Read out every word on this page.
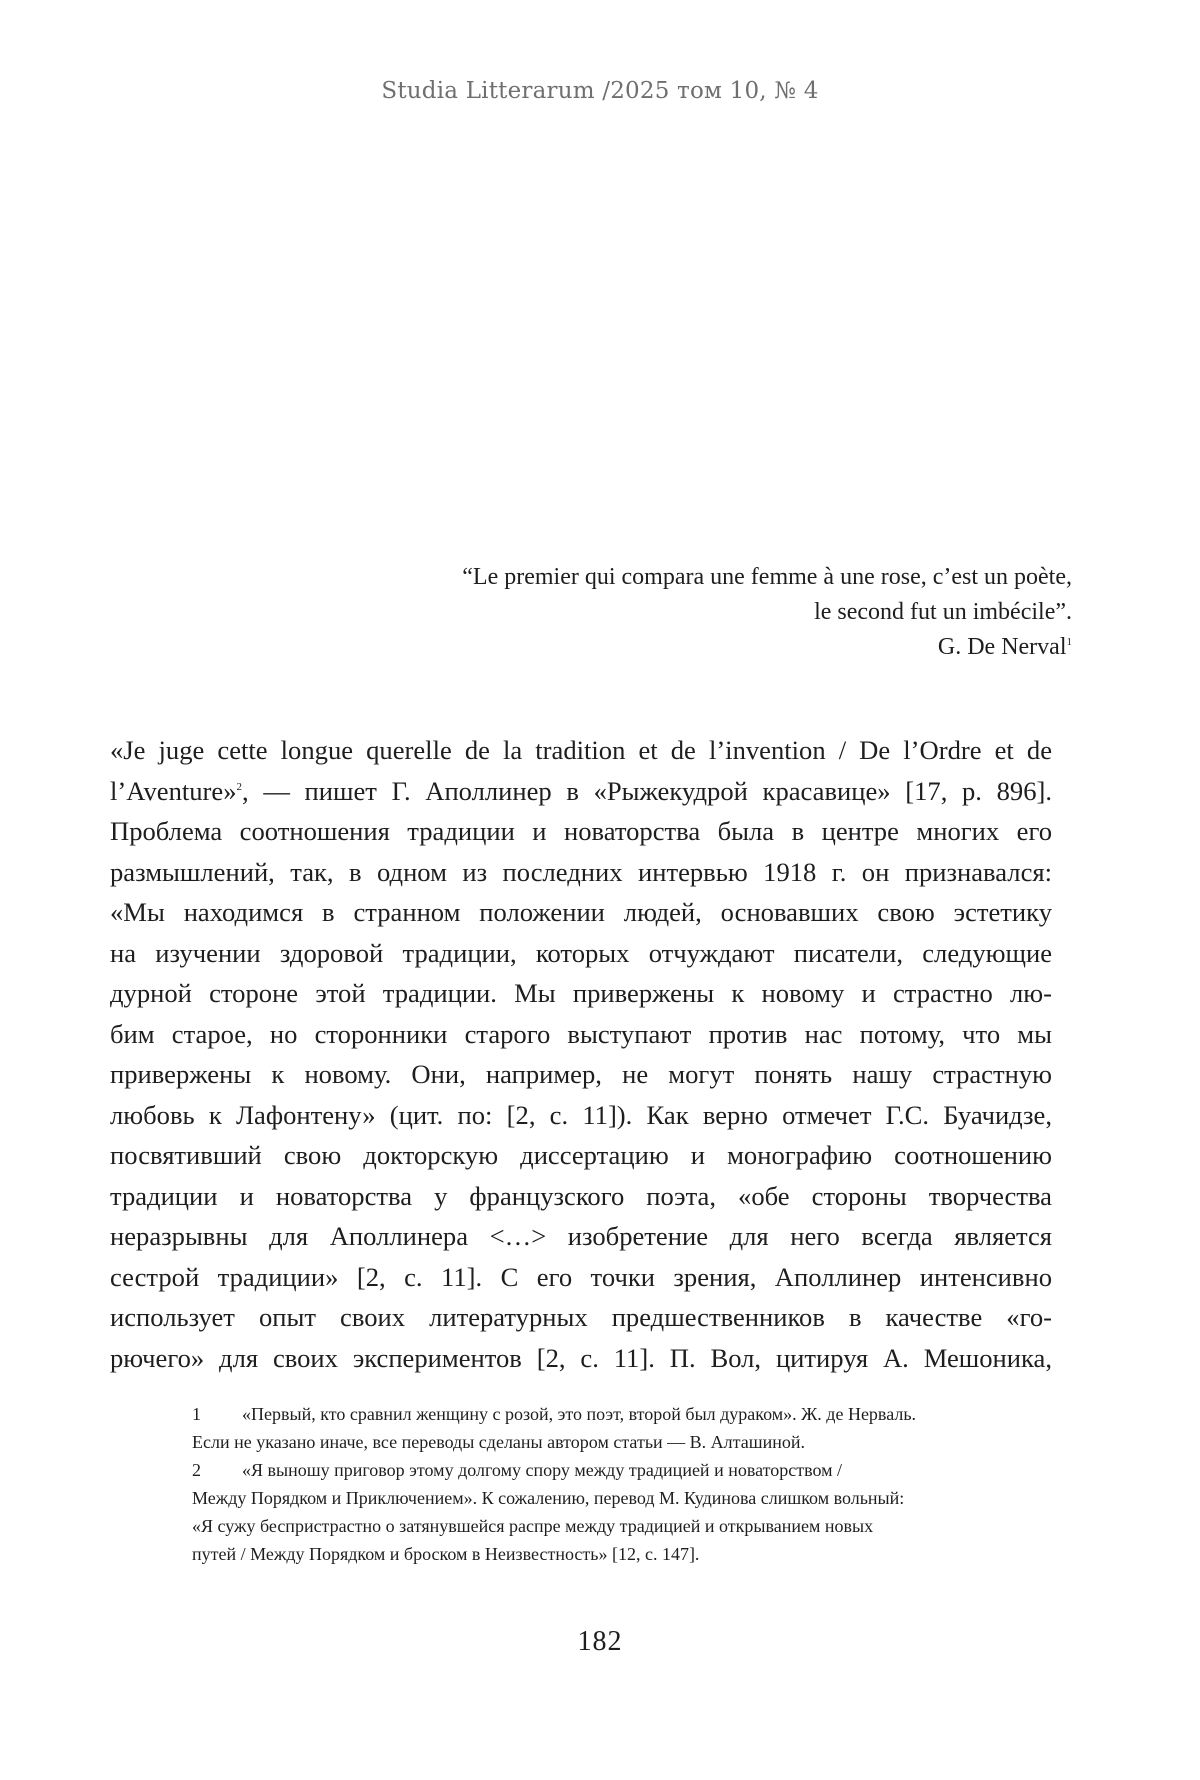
Studia Litterarum /2025 том 10, № 4
“Le premier qui compara une femme à une rose, c’est un poète,
le second fut un imbécile”.
G. De Nerval$^1$
«Je juge cette longue querelle de la tradition et de l’invention / De l’Ordre et de
l’Aventure»$^2$, — пишет Г. Аполлинер в «Рыжекудрой красавице» [17, p. 896].
Проблема соотношения традиции и новаторства была в центре многих его
размышлений, так, в одном из последних интервью 1918 г. он признавался:
«Мы находимся в странном положении людей, основавших свою эстетику
на изучении здоровой традиции, которых отчуждают писатели, следующие
дурной стороне этой традиции. Мы привержены к новому и страстно лю-
бим старое, но сторонники старого выступают против нас потому, что мы
привержены к новому. Они, например, не могут понять нашу страстную
любовь к Лафонтену» (цит. по: [2, с. 11]). Как верно отмечет Г.С. Буачидзе,
посвятивший свою докторскую диссертацию и монографию соотношению
традиции и новаторства у французского поэта, «обе стороны творчества
неразрывны для Аполлинера <…> изобретение для него всегда является
сестрой традиции» [2, с. 11]. С его точки зрения, Аполлинер интенсивно
использует опыт своих литературных предшественников в качестве «го-
рючего» для своих экспериментов [2, с. 11]. П. Вол, цитируя А. Мешоника,
1 «Первый, кто сравнил женщину с розой, это поэт, второй был дураком». Ж. де Нерваль.
Если не указано иначе, все переводы сделаны автором статьи — В. Алташиной.
2 «Я выношу приговор этому долгому спору между традицией и новаторством /
Между Порядком и Приключением». К сожалению, перевод М. Кудинова слишком вольный:
«Я сужу беспристрастно о затянувшейся распре между традицией и открыванием новых
путей / Между Порядком и броском в Неизвестность» [12, с. 147].
182
